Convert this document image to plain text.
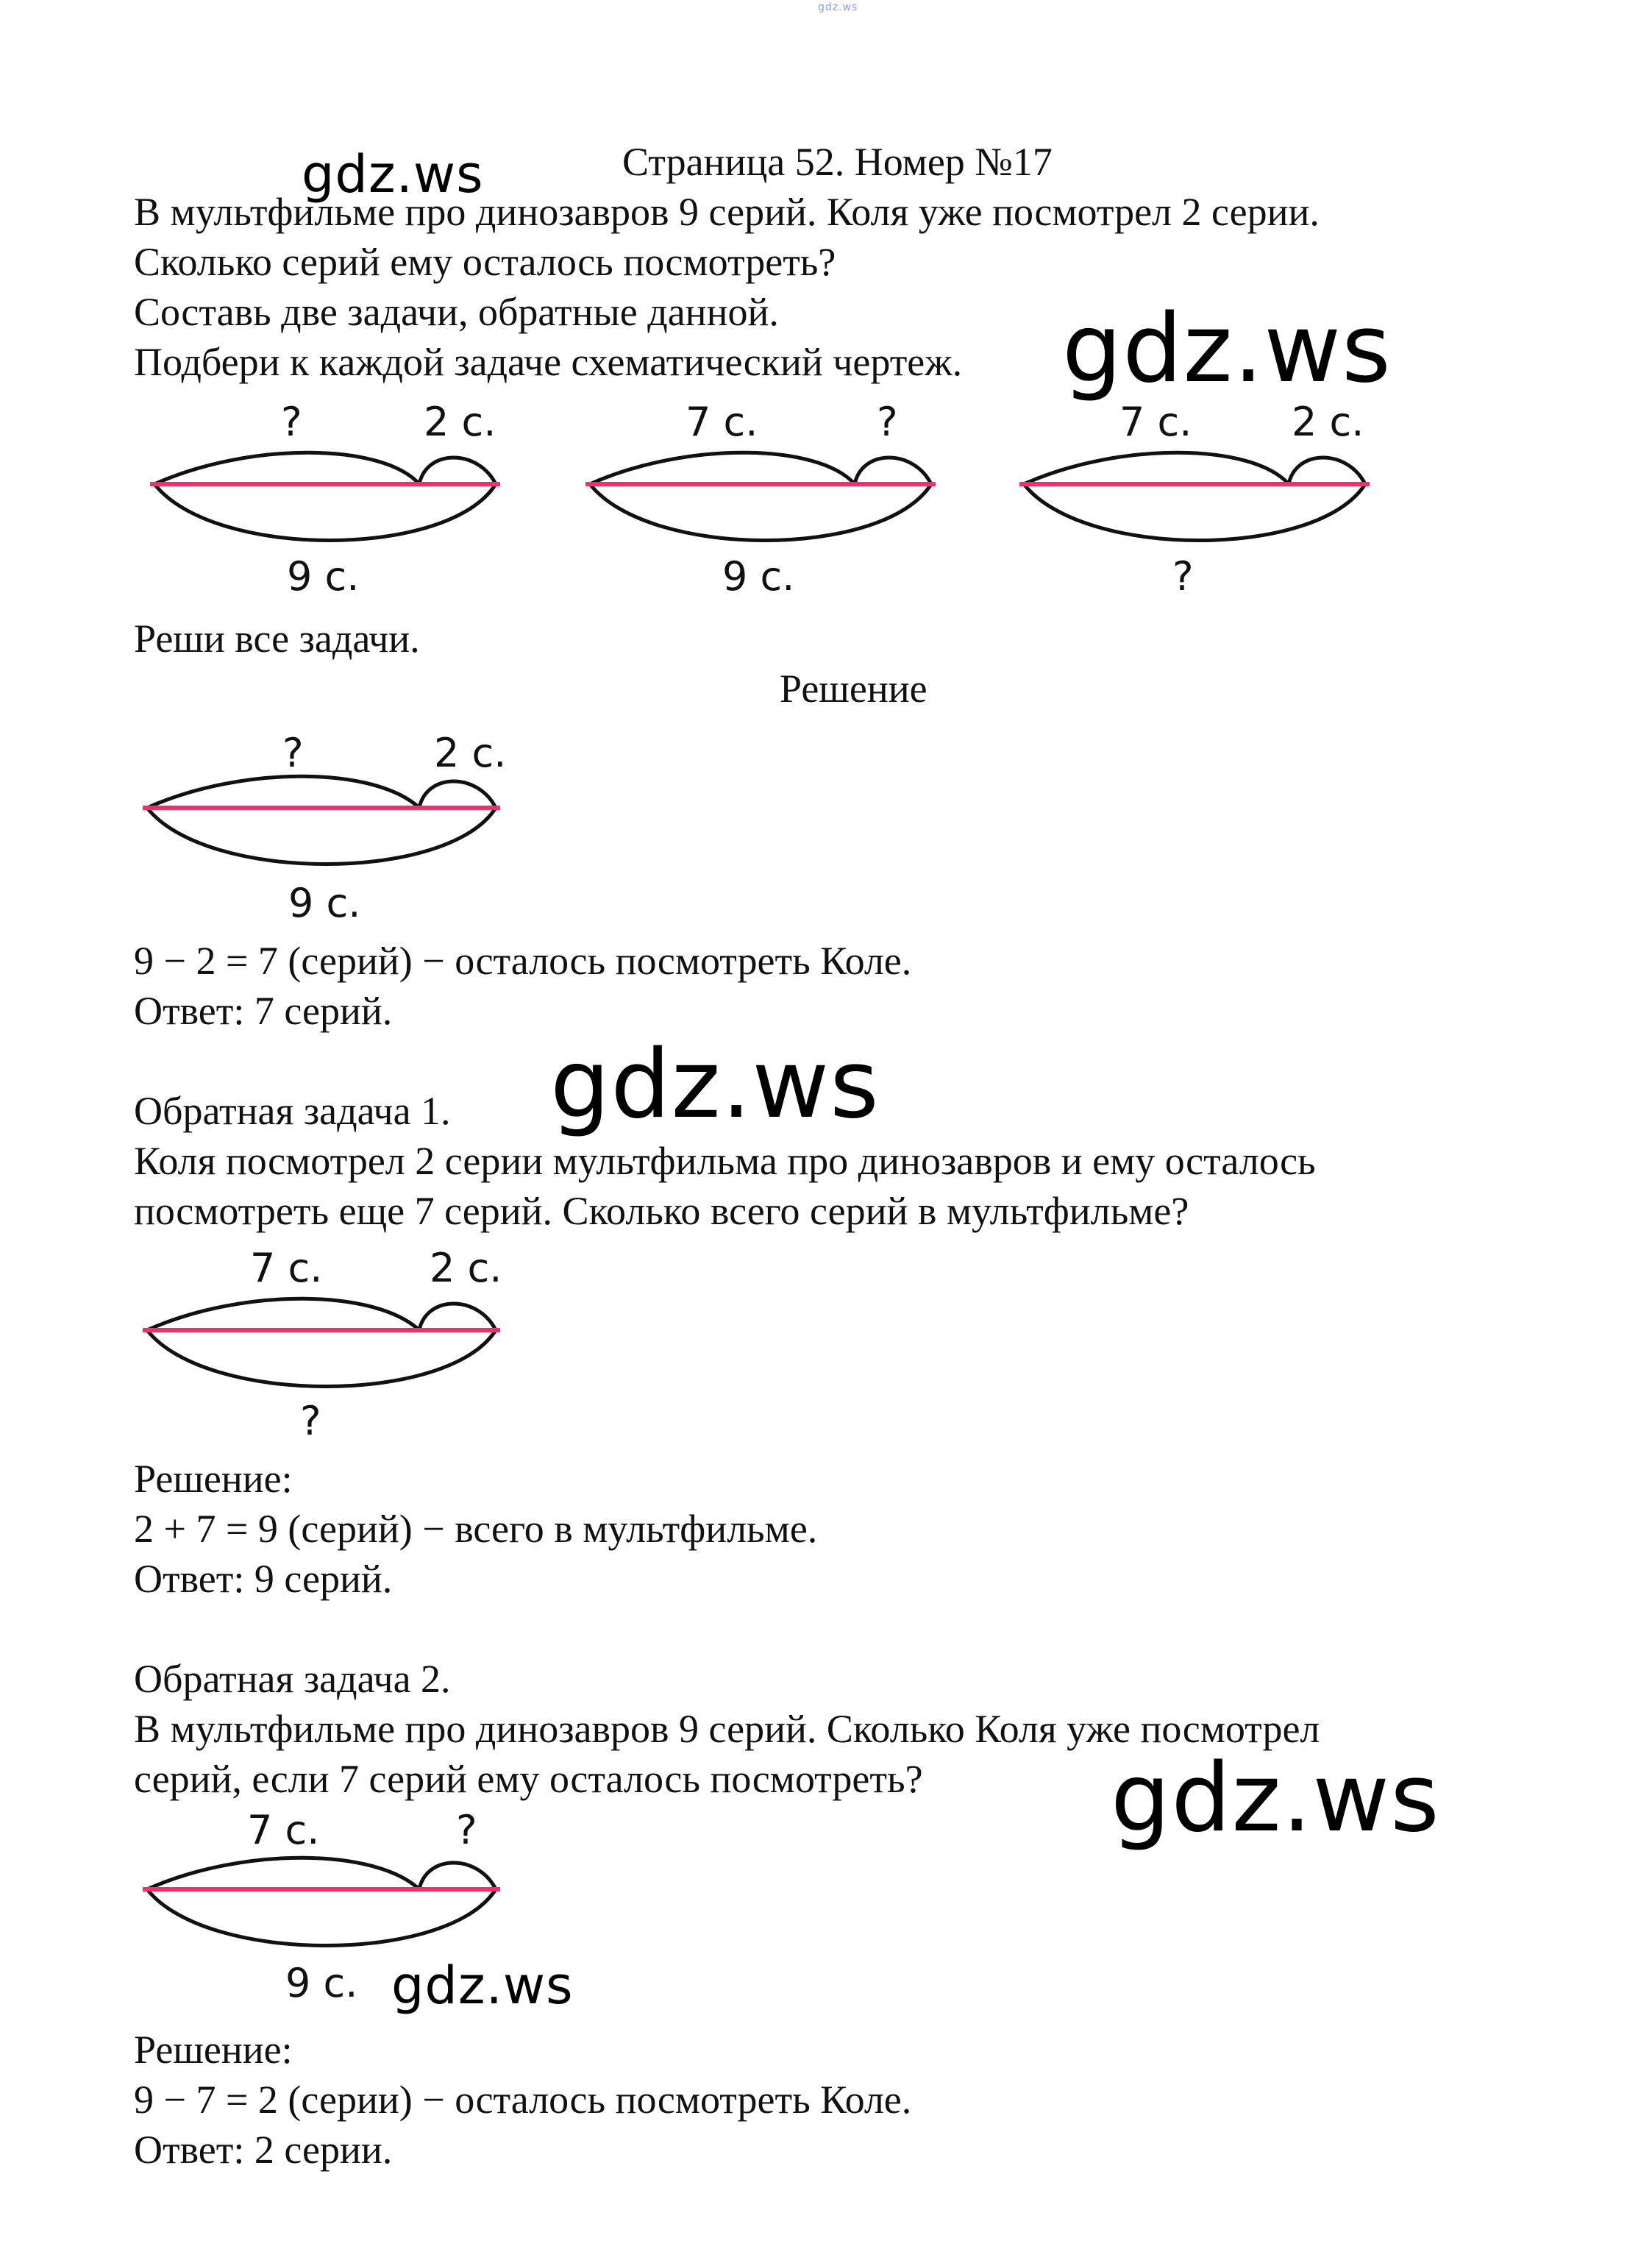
gdz.ws
Страница 52. Номер №17
gdz.ws
В мультфильме про динозавров 9 серий. Коля уже посмотрел 2 серии.
Сколько серий ему осталось посмотреть?
Составь две задачи, обратные данной.
Подбери к каждой задаче схематический чертеж. gdz.ws
?	2 с.
9 с.
7 с.	?
9 с.
7 с.	2 с.
?
Реши все задачи.
Решение
?	2 с.
9 с.
9 − 2 = 7 (серий) − осталось посмотреть Коле.
Ответ: 7 серий.
gdz.ws
Обратная задача 1.
Коля посмотрел 2 серии мультфильма про динозавров и ему осталось
посмотреть еще 7 серий. Сколько всего серий в мультфильме?
7 с.	2 с.
?
Решение:
2 + 7 = 9 (серий) − всего в мультфильме.
Ответ: 9 серий.
Обратная задача 2.
В мультфильме про динозавров 9 серий. Сколько Коля уже посмотрел
серий, если 7 серий ему осталось посмотреть? gdz.ws
7 с.	?
9 с. gdz.ws
Решение:
9 − 7 = 2 (серии) − осталось посмотреть Коле.
Ответ: 2 серии.
